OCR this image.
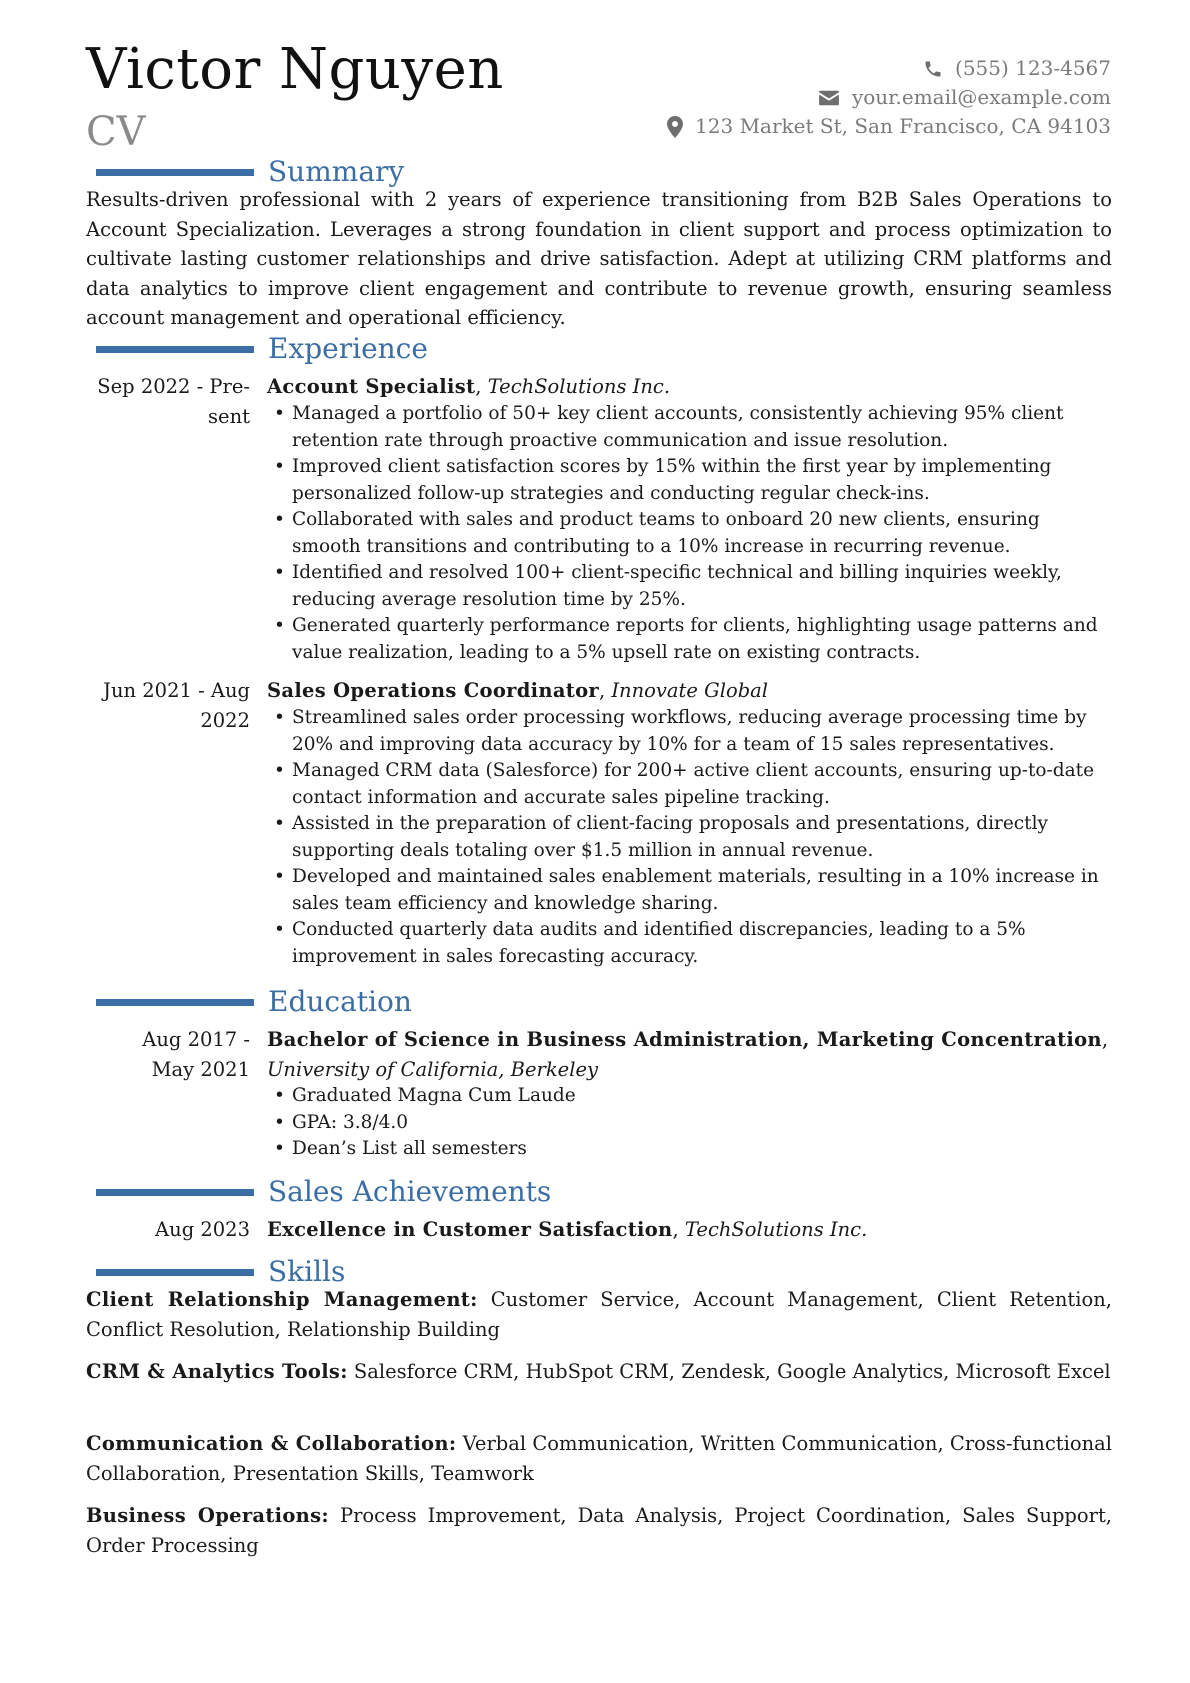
Victor Nguyen
CV
(555) 123-4567
your.email@example.com
123 Market St, San Francisco, CA 94103
Summary
Results-driven professional with 2 years of experience transitioning from B2B Sales Operations to Account Specialization. Leverages a strong foundation in client support and process optimization to cultivate lasting customer relationships and drive satisfaction. Adept at utilizing CRM platforms and data analytics to improve client engagement and contribute to revenue growth, ensuring seamless account management and operational efficiency.
Experience
Sep 2022 - Pre-
sent
Account Specialist, TechSolutions Inc.
• Managed a portfolio of 50+ key client accounts, consistently achieving 95% client retention rate through proactive communication and issue resolution.
• Improved client satisfaction scores by 15% within the first year by implementing personalized follow-up strategies and conducting regular check-ins.
• Collaborated with sales and product teams to onboard 20 new clients, ensuring smooth transitions and contributing to a 10% increase in recurring revenue.
• Identified and resolved 100+ client-specific technical and billing inquiries weekly, reducing average resolution time by 25%.
• Generated quarterly performance reports for clients, highlighting usage patterns and value realization, leading to a 5% upsell rate on existing contracts.
Jun 2021 - Aug
2022
Sales Operations Coordinator, Innovate Global
• Streamlined sales order processing workflows, reducing average processing time by 20% and improving data accuracy by 10% for a team of 15 sales representatives.
• Managed CRM data (Salesforce) for 200+ active client accounts, ensuring up-to-date contact information and accurate sales pipeline tracking.
• Assisted in the preparation of client-facing proposals and presentations, directly supporting deals totaling over $1.5 million in annual revenue.
• Developed and maintained sales enablement materials, resulting in a 10% increase in sales team efficiency and knowledge sharing.
• Conducted quarterly data audits and identified discrepancies, leading to a 5% improvement in sales forecasting accuracy.
Education
Aug 2017 -
May 2021
Bachelor of Science in Business Administration, Marketing Concentration,
University of California, Berkeley
• Graduated Magna Cum Laude
• GPA: 3.8/4.0
• Dean’s List all semesters
Sales Achievements
Aug 2023 Excellence in Customer Satisfaction, TechSolutions Inc.
Skills
Client Relationship Management: Customer Service, Account Management, Client Retention, Conflict Resolution, Relationship Building
CRM & Analytics Tools: Salesforce CRM, HubSpot CRM, Zendesk, Google Analytics, Microsoft Excel
Communication & Collaboration: Verbal Communication, Written Communication, Cross-functional Collaboration, Presentation Skills, Teamwork
Business Operations: Process Improvement, Data Analysis, Project Coordination, Sales Support, Order Processing
